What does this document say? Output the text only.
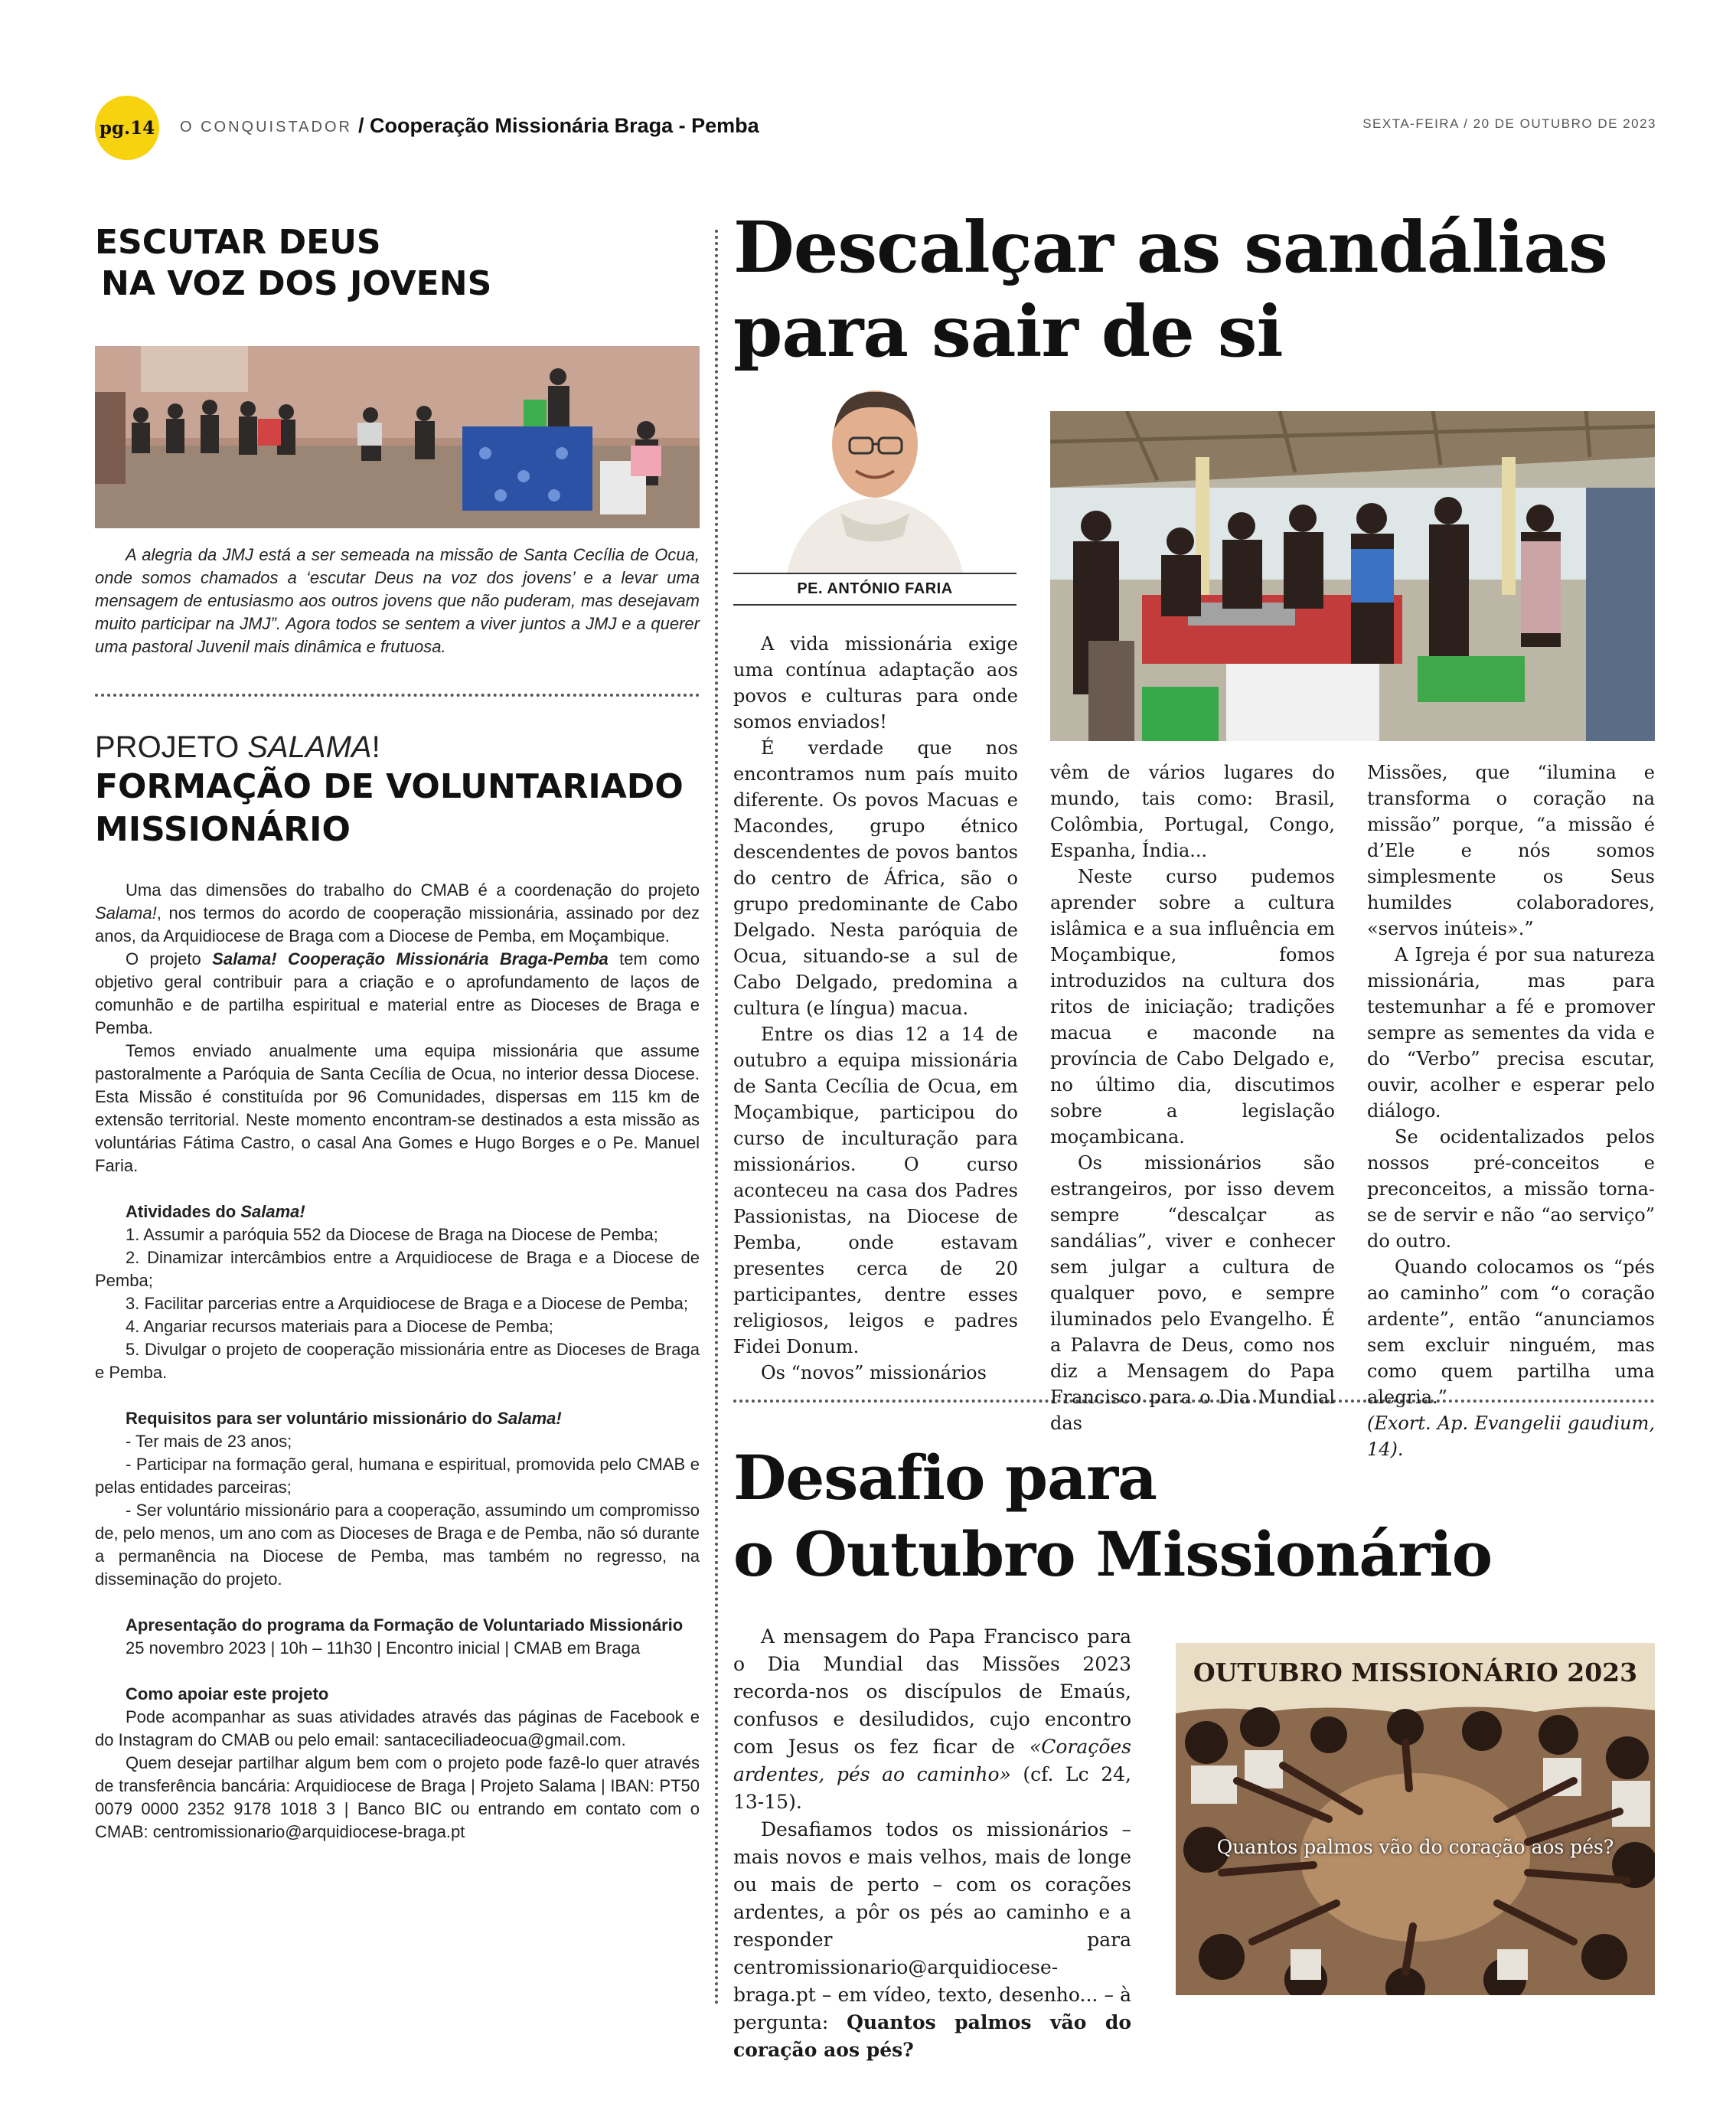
pg.14 O CONQUISTADOR / Cooperação Missionária Braga - Pemba	SEXTA-FEIRA / 20 DE OUTUBRO DE 2023
ESCUTAR DEUS
NA VOZ DOS JOVENS
A alegria da JMJ está a ser semeada na missão de Santa Cecília de Ocua, onde somos chamados a ‘escutar Deus na voz dos jovens’ e a levar uma mensagem de entusiasmo aos outros jovens que não puderam, mas desejavam muito participar na JMJ”. Agora todos se sentem a viver juntos a JMJ e a querer uma pastoral Juvenil mais dinâmica e frutuosa.
PROJETO SALAMA!
FORMAÇÃO DE VOLUNTARIADO
MISSIONÁRIO

Uma das dimensões do trabalho do CMAB é a coordenação do projeto Salama!, nos termos do acordo de cooperação missionária, assinado por dez anos, da Arquidiocese de Braga com a Diocese de Pemba, em Moçambique.

O projeto Salama! Cooperação Missionária Braga-Pemba tem como objetivo geral contribuir para a criação e o aprofundamento de laços de comunhão e de partilha espiritual e material entre as Dioceses de Braga e Pemba.

Temos enviado anualmente uma equipa missionária que assume pastoralmente a Paróquia de Santa Cecília de Ocua, no interior dessa Diocese. Esta Missão é constituída por 96 Comunidades, dispersas em 115 km de extensão territorial. Neste momento encontram-se destinados a esta missão as voluntárias Fátima Castro, o casal Ana Gomes e Hugo Borges e o Pe. Manuel Faria.

Atividades do Salama!
1. Assumir a paróquia 552 da Diocese de Braga na Diocese de Pemba;
2. Dinamizar intercâmbios entre a Arquidiocese de Braga e a Diocese de Pemba;
3. Facilitar parcerias entre a Arquidiocese de Braga e a Diocese de Pemba;
4. Angariar recursos materiais para a Diocese de Pemba;
5. Divulgar o projeto de cooperação missionária entre as Dioceses de Braga e Pemba.
Requisitos para ser voluntário missionário do Salama!
- Ter mais de 23 anos;
- Participar na formação geral, humana e espiritual, promovida pelo CMAB e pelas entidades parceiras;
- Ser voluntário missionário para a cooperação, assumindo um compromisso de, pelo menos, um ano com as Dioceses de Braga e de Pemba, não só durante a permanência na Diocese de Pemba, mas também no regresso, na disseminação do projeto.
Apresentação do programa da Formação de Voluntariado Missionário
25 novembro 2023 | 10h – 11h30 | Encontro inicial | CMAB em Braga
Como apoiar este projeto

Pode acompanhar as suas atividades através das páginas de Facebook e do Instagram do CMAB ou pelo email: santaceciliadeocua@gmail.com.

Quem desejar partilhar algum bem com o projeto pode fazê-lo quer através de transferência bancária: Arquidiocese de Braga | Projeto Salama | IBAN: PT50 0079 0000 2352 9178 1018 3 | Banco BIC ou entrando em contato com o CMAB: centromissionario@arquidiocese-braga.pt

Descalçar as sandálias
para sair de si
PE. ANTÓNIO FARIA

A vida missionária exige uma contínua adaptação aos povos e culturas para onde somos enviados!

É verdade que nos encontramos num país muito diferente. Os povos Macuas e Macondes, grupo étnico descendentes de povos bantos do centro de África, são o grupo predominante de Cabo Delgado. Nesta paróquia de Ocua, situando-se a sul de Cabo Delgado, predomina a cultura (e língua) macua.

Entre os dias 12 a 14 de outubro a equipa missionária de Santa Cecília de Ocua, em Moçambique, participou do curso de inculturação para missionários. O curso aconteceu na casa dos Padres Passionistas, na Diocese de Pemba, onde estavam presentes cerca de 20 participantes, dentre esses religiosos, leigos e padres Fidei Donum.

Os “novos” missionários

vêm de vários lugares do mundo, tais como: Brasil, Colômbia, Portugal, Congo, Espanha, Índia...

Neste curso pudemos aprender sobre a cultura islâmica e a sua influência em Moçambique, fomos introduzidos na cultura dos ritos de iniciação; tradições macua e maconde na província de Cabo Delgado e, no último dia, discutimos sobre a legislação moçambicana.

Os missionários são estrangeiros, por isso devem sempre “descalçar as sandálias”, viver e conhecer sem julgar a cultura de qualquer povo, e sempre iluminados pelo Evangelho. É a Palavra de Deus, como nos diz a Mensagem do Papa Francisco para o Dia Mundial das

Missões, que “ilumina e transforma o coração na missão” porque, “a missão é d’Ele e nós somos simplesmente os Seus humildes colaboradores, «servos inúteis».”

A Igreja é por sua natureza missionária, mas para testemunhar a fé e promover sempre as sementes da vida e do “Verbo” precisa escutar, ouvir, acolher e esperar pelo diálogo.

Se ocidentalizados pelos nossos pré-conceitos e preconceitos, a missão torna-se de servir e não “ao serviço” do outro.

Quando colocamos os “pés ao caminho” com “o coração ardente”, então “anunciamos sem excluir ninguém, mas como quem partilha uma alegria.”

(Exort. Ap. Evangelii gaudium, 14).

Desafio para
o Outubro Missionário

A mensagem do Papa Francisco para o Dia Mundial das Missões 2023 recorda-nos os discípulos de Emaús, confusos e desiludidos, cujo encontro com Jesus os fez ficar de «Corações ardentes, pés ao caminho» (cf. Lc 24, 13-15).

Desafiamos todos os missionários – mais novos e mais velhos, mais de longe ou mais de perto – com os corações ardentes, a pôr os pés ao caminho e a responder para centromissionario@arquidiocese-braga.pt – em vídeo, texto, desenho... – à pergunta: Quantos palmos vão do coração aos pés?

OUTUBRO MISSIONÁRIO 2023
Quantos palmos vão do coração aos pés?
